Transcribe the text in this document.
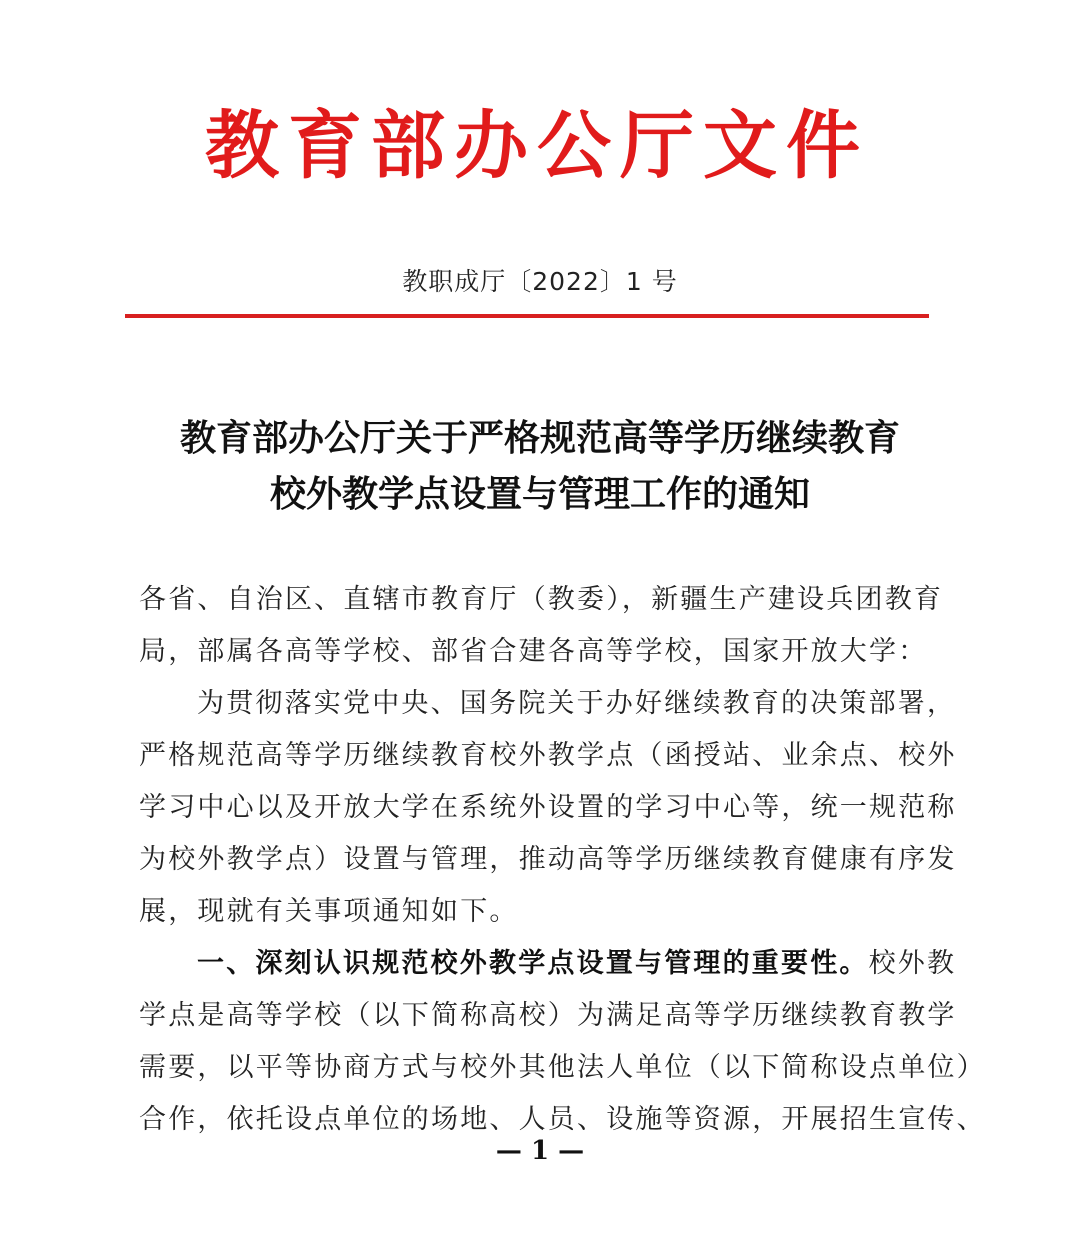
教育部办公厅文件
教职成厅〔2022〕1 号
教育部办公厅关于严格规范高等学历继续教育
校外教学点设置与管理工作的通知
各省、自治区、直辖市教育厅（教委），新疆生产建设兵团教育
局，部属各高等学校、部省合建各高等学校，国家开放大学：
为贯彻落实党中央、国务院关于办好继续教育的决策部署，
严格规范高等学历继续教育校外教学点（函授站、业余点、校外
学习中心以及开放大学在系统外设置的学习中心等，统一规范称
为校外教学点）设置与管理，推动高等学历继续教育健康有序发
展，现就有关事项通知如下。
一、深刻认识规范校外教学点设置与管理的重要性。校外教
学点是高等学校（以下简称高校）为满足高等学历继续教育教学
需要，以平等协商方式与校外其他法人单位（以下简称设点单位）
合作，依托设点单位的场地、人员、设施等资源，开展招生宣传、
— 1 —
